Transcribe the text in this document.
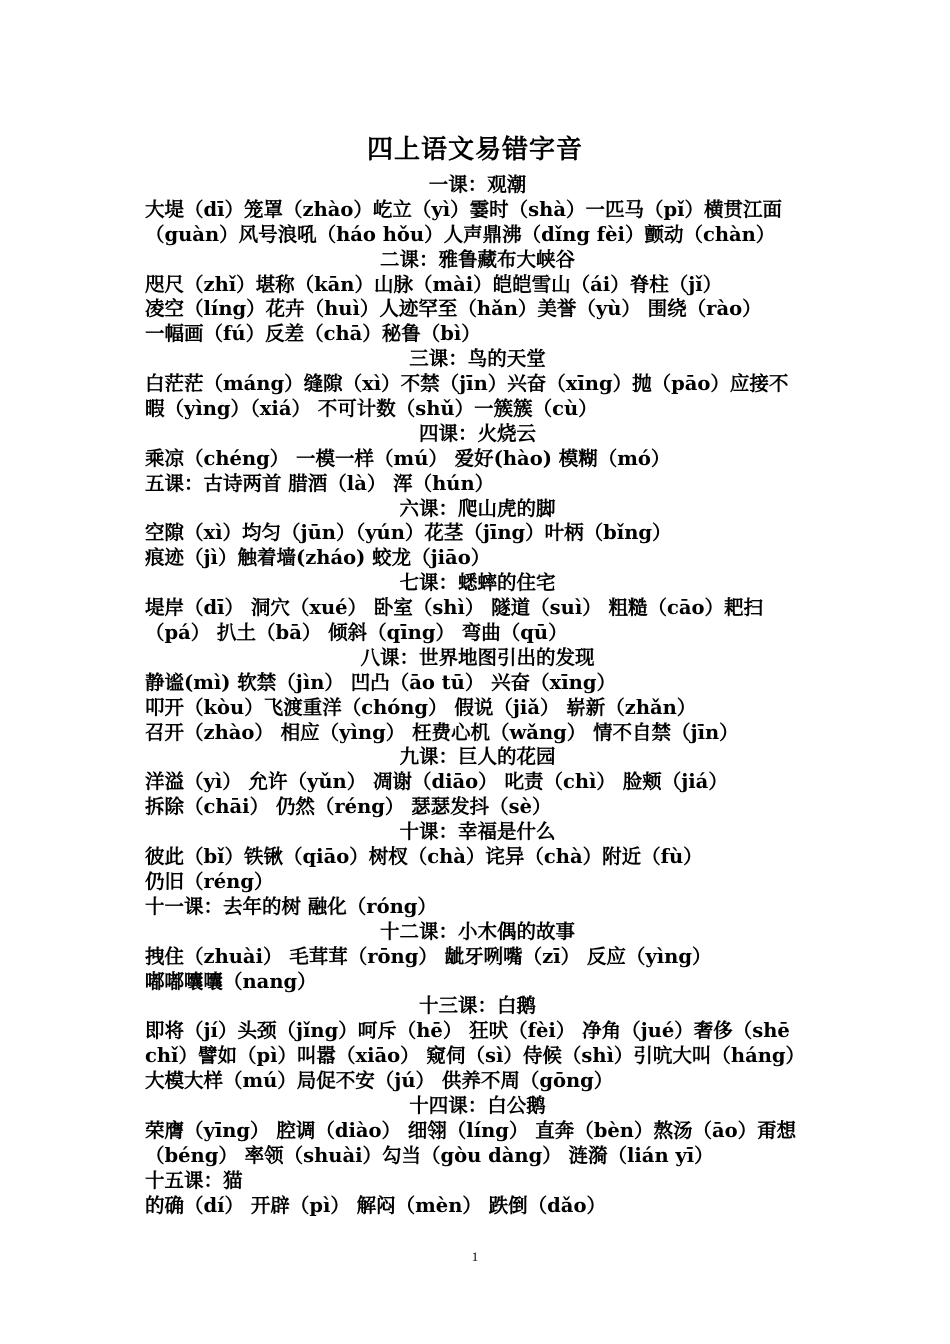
四上语文易错字音
一课：观潮
大堤（dī）笼罩（zhào）屹立（yì）霎时（shà）一匹马（pǐ）横贯江面
（guàn）风号浪吼（háo hǒu）人声鼎沸（dǐng fèi）颤动（chàn）
二课：雅鲁藏布大峡谷
咫尺（zhǐ）堪称（kān）山脉（mài）皑皑雪山（ái）脊柱（jǐ）
凌空（líng）花卉（huì）人迹罕至（hǎn）美誉（yù） 围绕（rào）
一幅画（fú）反差（chā）秘鲁（bì）
三课：鸟的天堂
白茫茫（máng）缝隙（xì）不禁（jīn）兴奋（xīng）抛（pāo）应接不
暇（yìng）（xiá） 不可计数（shǔ）一簇簇（cù）
四课：火烧云
乘凉（chéng） 一模一样（mú） 爱好(hào) 模糊（mó）
五课：古诗两首 腊酒（là） 浑（hún）
六课：爬山虎的脚
空隙（xì）均匀（jūn）（yún）花茎（jīng）叶柄（bǐng）
痕迹（jì）触着墙(zháo) 蛟龙（jiāo）
七课：蟋蟀的住宅
堤岸（dī） 洞穴（xué） 卧室（shì） 隧道（suì） 粗糙（cāo）耙扫
（pá） 扒土（bā） 倾斜（qīng） 弯曲（qū）
八课：世界地图引出的发现
静谧(mì) 软禁（jìn） 凹凸（āo tū） 兴奋（xīng）
叩开（kòu）飞渡重洋（chóng） 假说（jiǎ） 崭新（zhǎn）
召开（zhào） 相应（yìng） 枉费心机（wǎng） 情不自禁（jīn）
九课：巨人的花园
洋溢（yì） 允许（yǔn） 凋谢（diāo） 叱责（chì） 脸颊（jiá）
拆除（chāi） 仍然（réng） 瑟瑟发抖（sè）
十课：幸福是什么
彼此（bǐ）铁锹（qiāo）树杈（chà）诧异（chà）附近（fù）
仍旧（réng）
十一课：去年的树 融化（róng）
十二课：小木偶的故事
拽住（zhuài） 毛茸茸（rōng） 龇牙咧嘴（zī） 反应（yìng）
嘟嘟囔囔（nang）
十三课：白鹅
即将（jí）头颈（jǐng）呵斥（hē） 狂吠（fèi） 净角（jué）奢侈（shē
chǐ）譬如（pì）叫嚣（xiāo） 窥伺（sì）侍候（shì）引吭大叫（háng）
大模大样（mú）局促不安（jú） 供养不周（gōng）
十四课：白公鹅
荣膺（yīng） 腔调（diào） 细翎（líng） 直奔（bèn）熬汤（āo）甭想
（béng） 率领（shuài）勾当（gòu dàng） 涟漪（lián yī）
十五课：猫
的确（dí） 开辟（pì） 解闷（mèn） 跌倒（dǎo）
1
